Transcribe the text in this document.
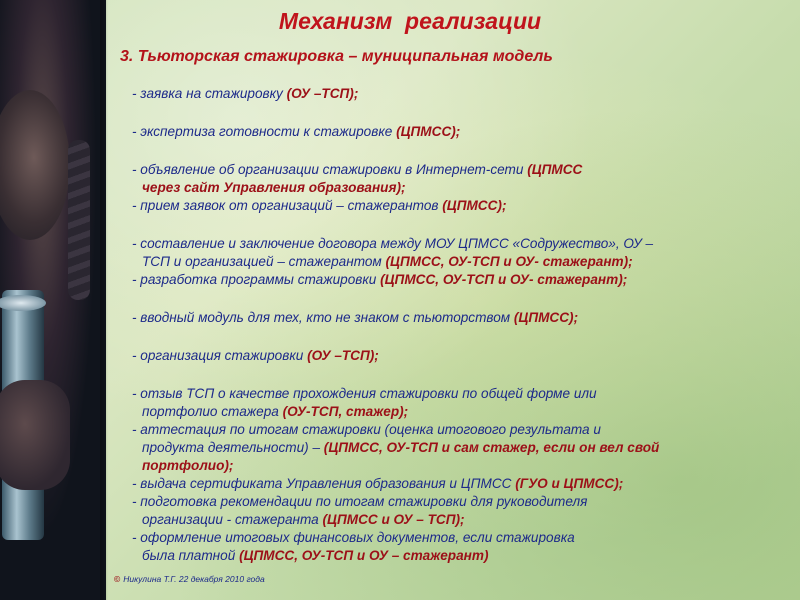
Механизм  реализации
3. Тьюторская стажировка – муниципальная модель
- заявка на стажировку (ОУ –ТСП);
- экспертиза готовности к стажировке (ЦПМСС);
- объявление об организации стажировки в Интернет-сети (ЦПМСС
через сайт Управления образования);
- прием заявок от организаций – стажерантов (ЦПМСС);
- составление и заключение договора между МОУ ЦПМСС «Содружество», ОУ –
ТСП и организацией – стажерантом (ЦПМСС, ОУ-ТСП и ОУ- стажерант);
- разработка программы стажировки (ЦПМСС, ОУ-ТСП и ОУ- стажерант);
- вводный модуль для тех, кто не знаком с тьюторством (ЦПМСС);
- организация стажировки (ОУ –ТСП);
- отзыв ТСП о качестве прохождения стажировки по общей форме или
портфолио стажера (ОУ-ТСП, стажер);
- аттестация по итогам стажировки (оценка итогового результата и
продукта деятельности) – (ЦПМСС, ОУ-ТСП и сам стажер, если он вел свой
портфолио);
- выдача сертификата Управления образования и ЦПМСС (ГУО и ЦПМСС);
- подготовка рекомендации по итогам стажировки для руководителя
организации - стажеранта (ЦПМСС и ОУ – ТСП);
- оформление итоговых финансовых документов, если стажировка
была платной (ЦПМСС, ОУ-ТСП и ОУ – стажерант)
© Никулина Т.Г. 22 декабря 2010 года
